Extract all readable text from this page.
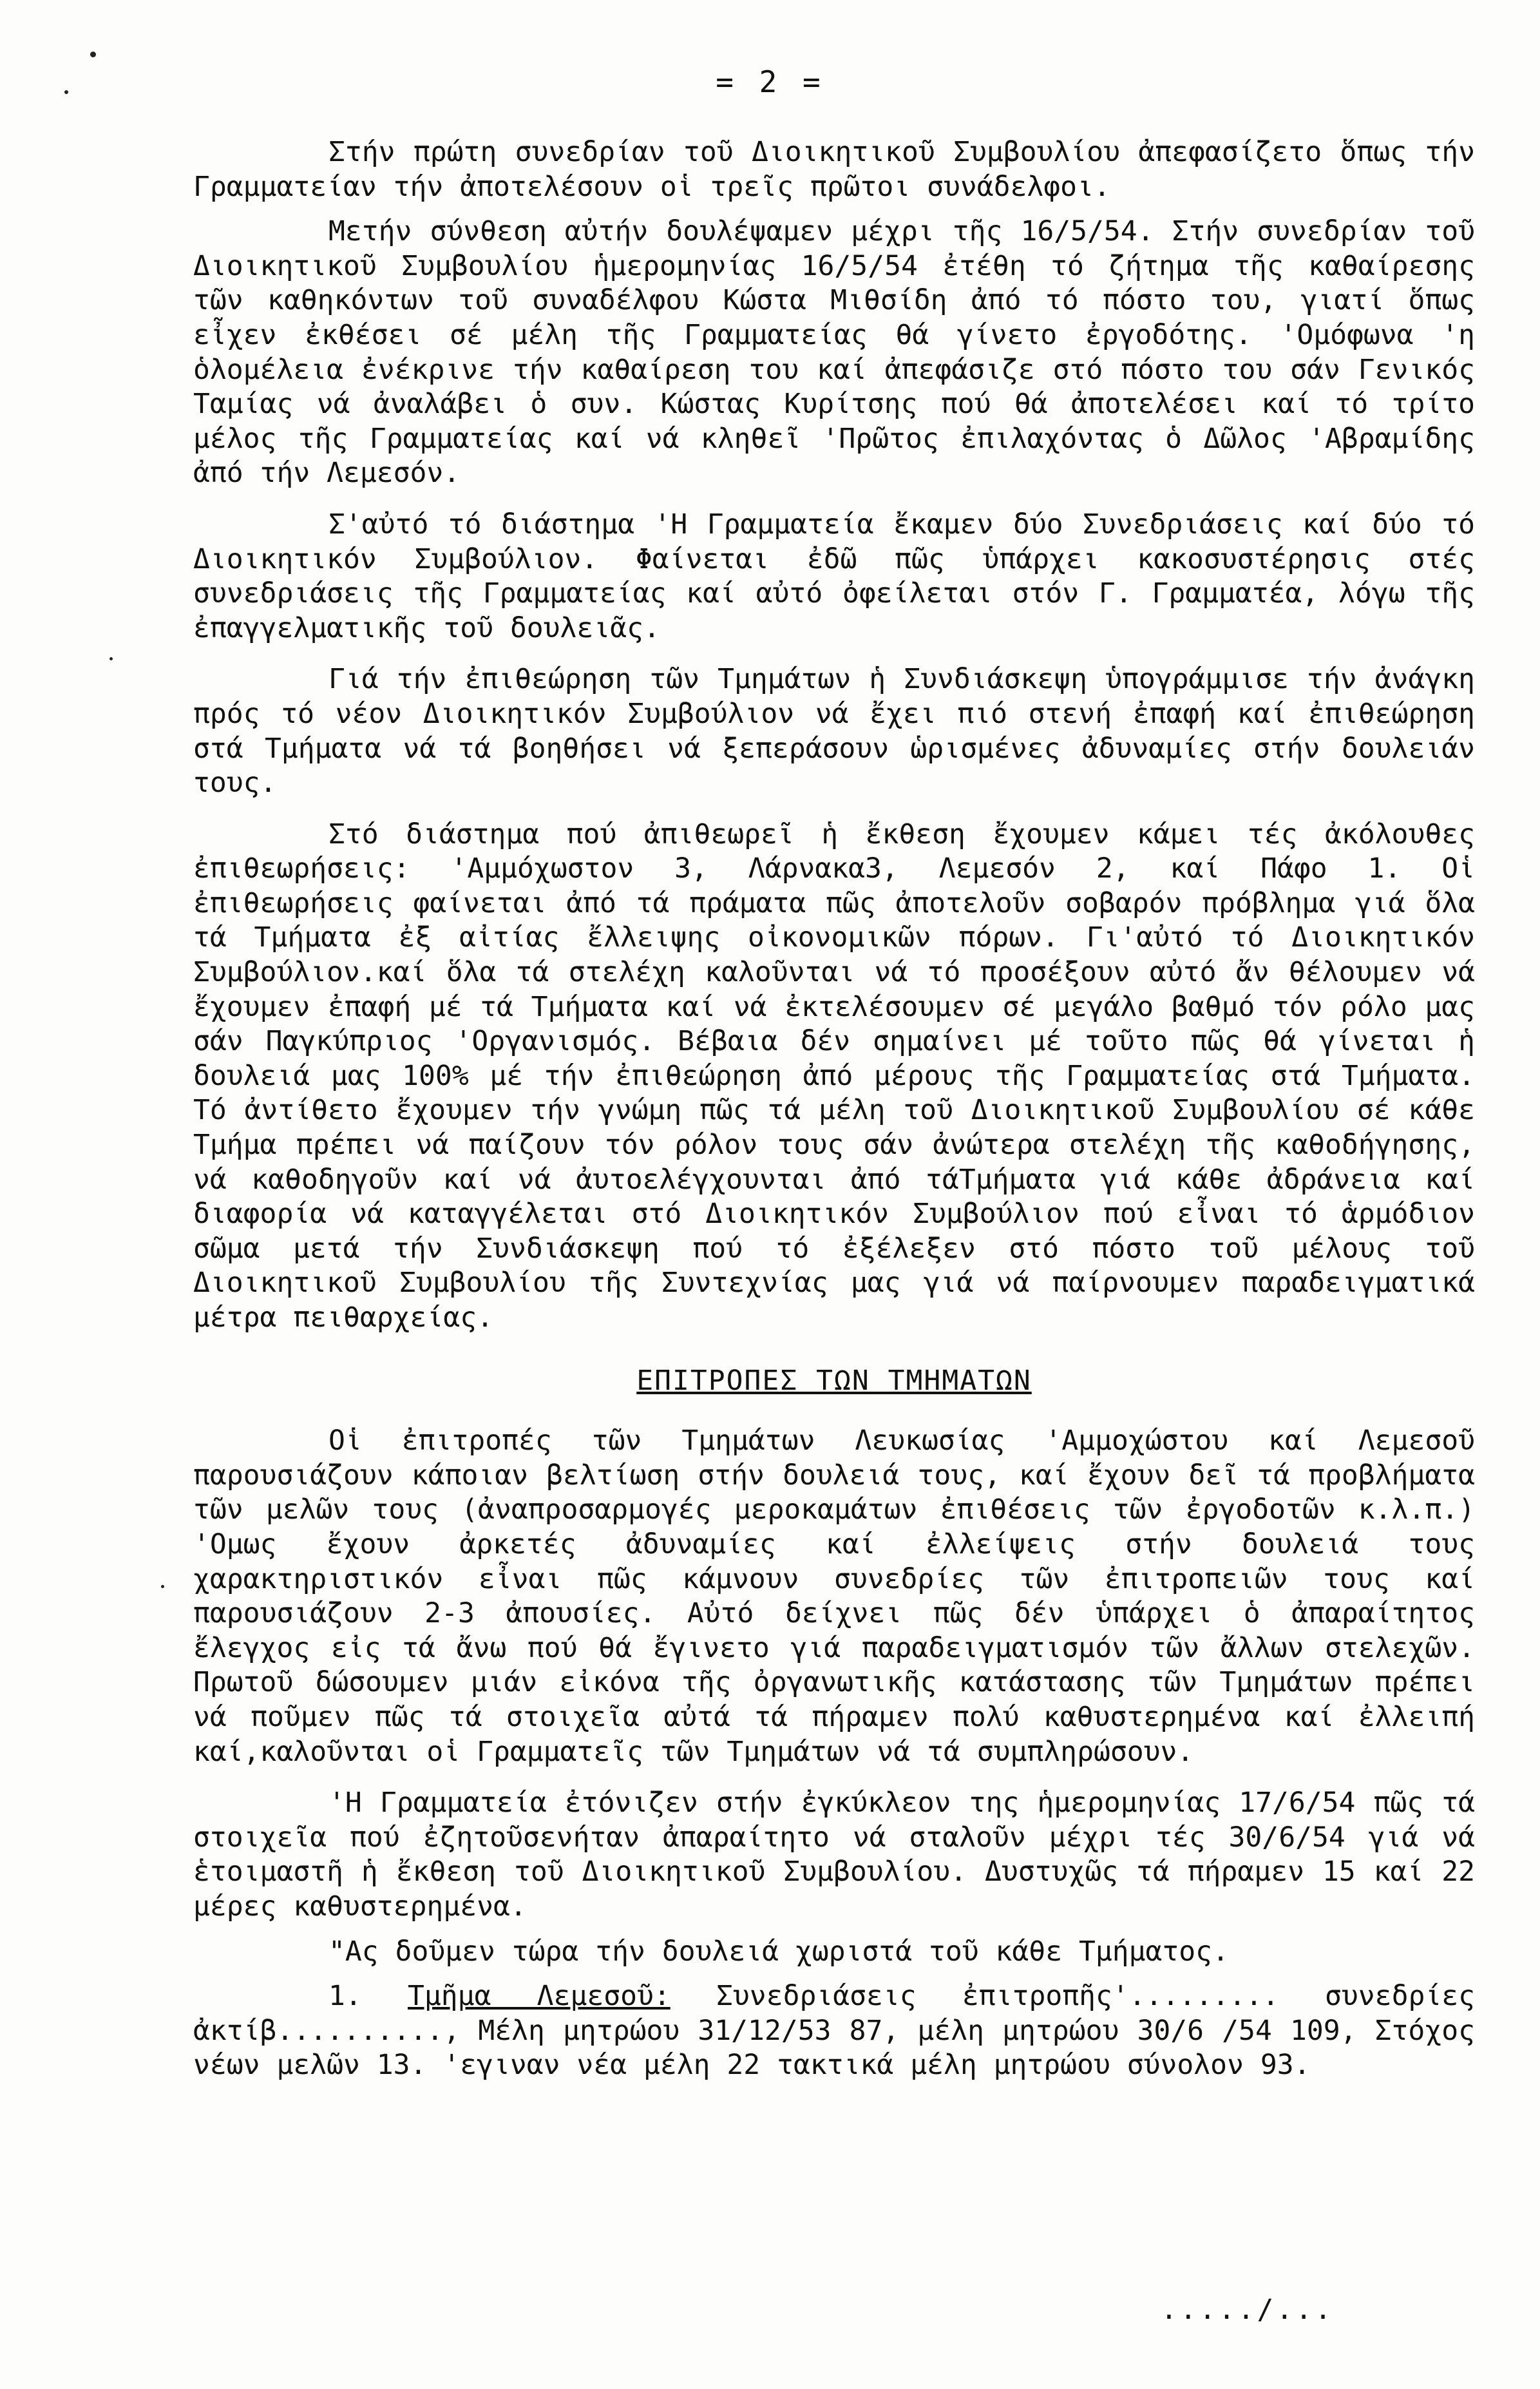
= 2 =

Στήν πρώτη συνεδρίαν τοῦ Διοικητικοῦ Συμβουλίου ἀπεφασίζετο ὅπως τήν Γραμματείαν τήν ἀποτελέσουν οἱ τρεῖς πρῶτοι συνάδελφοι.

Μετήν σύνθεση αὐτήν δουλέψαμεν μέχρι τῆς 16/5/54. Στήν συνεδρίαν τοῦ Διοικητικοῦ Συμβουλίου ἡμερομηνίας 16/5/54 ἐτέθη τό ζήτημα τῆς καθαίρεσης τῶν καθηκόντων τοῦ συναδέλφου Κώστα Μιθσίδη ἀπό τό πόστο του, γιατί ὅπως εἶχεν ἐκθέσει σέ μέλη τῆς Γραμματείας θά γίνετο ἐργοδότης. 'Ομόφωνα 'η ὁλομέλεια ἐνέκρινε τήν καθαίρεση του καί ἀπεφάσιζε στό πόστο του σάν Γενικός Ταμίας νά ἀναλάβει ὁ συν. Κώστας Κυρίτσης πού θά ἀποτελέσει καί τό τρίτο μέλος τῆς Γραμματείας καί νά κληθεῖ 'Πρῶτος ἐπιλαχόντας ὁ Δῶλος 'Αβραμίδης ἀπό τήν Λεμεσόν.

Σ'αὐτό τό διάστημα 'Η Γραμματεία ἔκαμεν δύο Συνεδριάσεις καί δύο τό Διοικητικόν Συμβούλιον. Φαίνεται ἐδῶ πῶς ὑπάρχει κακοσυστέρησις στές συνεδριάσεις τῆς Γραμματείας καί αὐτό ὀφείλεται στόν Γ. Γραμματέα, λόγω τῆς ἐπαγγελματικῆς τοῦ δουλειᾶς.

Γιά τήν ἐπιθεώρηση τῶν Τμημάτων ἡ Συνδιάσκεψη ὑπογράμμισε τήν ἀνάγκη πρός τό νέον Διοικητικόν Συμβούλιον νά ἔχει πιό στενή ἐπαφή καί ἐπιθεώρηση στά Τμήματα νά τά βοηθήσει νά ξεπεράσουν ὡρισμένες ἀδυναμίες στήν δουλειάν τους.

Στό διάστημα πού ἀπιθεωρεῖ ἡ ἔκθεση ἔχουμεν κάμει τές ἀκόλουθες ἐπιθεωρήσεις: 'Αμμόχωστον 3, Λάρνακα3, Λεμεσόν 2, καί Πάφο 1. Οἱ ἐπιθεωρήσεις φαίνεται ἀπό τά πράματα πῶς ἀποτελοῦν σοβαρόν πρόβλημα γιά ὅλα τά Τμήματα ἐξ αἰτίας ἔλλειψης οἰκονομικῶν πόρων. Γι'αὐτό τό Διοικητικόν Συμβούλιον.καί ὅλα τά στελέχη καλοῦνται νά τό προσέξουν αὐτό ἄν θέλουμεν νά ἔχουμεν ἐπαφή μέ τά Τμήματα καί νά ἐκτελέσουμεν σέ μεγάλο βαθμό τόν ρόλο μας σάν Παγκύπριος 'Οργανισμός. Βέβαια δέν σημαίνει μέ τοῦτο πῶς θά γίνεται ἡ δουλειά μας 100% μέ τήν ἐπιθεώρηση ἀπό μέρους τῆς Γραμματείας στά Τμήματα. Τό ἀντίθετο ἔχουμεν τήν γνώμη πῶς τά μέλη τοῦ Διοικητικοῦ Συμβουλίου σέ κάθε Τμήμα πρέπει νά παίζουν τόν ρόλον τους σάν ἀνώτερα στελέχη τῆς καθοδήγησης, νά καθοδηγοῦν καί νά ἀυτοελέγχουνται ἀπό τάΤμήματα γιά κάθε ἀδράνεια καί διαφορία νά καταγγέλεται στό Διοικητικόν Συμβούλιον πού εἶναι τό ἁρμόδιον σῶμα μετά τήν Συνδιάσκεψη πού τό ἐξέλεξεν στό πόστο τοῦ μέλους τοῦ Διοικητικοῦ Συμβουλίου τῆς Συντεχνίας μας γιά νά παίρνουμεν παραδειγματικά μέτρα πειθαρχείας.

ΕΠΙΤΡΟΠΕΣ ΤΩΝ ΤΜΗΜΑΤΩΝ

Οἱ ἐπιτροπές τῶν Τμημάτων Λευκωσίας 'Αμμοχώστου καί Λεμεσοῦ παρουσιάζουν κάποιαν βελτίωση στήν δουλειά τους, καί ἔχουν δεῖ τά προβλήματα τῶν μελῶν τους (ἀναπροσαρμογές μεροκαμάτων ἐπιθέσεις τῶν ἐργοδοτῶν κ.λ.π.) 'Ομως ἔχουν ἀρκετές ἀδυναμίες καί ἐλλείψεις στήν δουλειά τους χαρακτηριστικόν εἶναι πῶς κάμνουν συνεδρίες τῶν ἐπιτροπειῶν τους καί παρουσιάζουν 2-3 ἀπουσίες. Αὐτό δείχνει πῶς δέν ὑπάρχει ὁ ἀπαραίτητος ἔλεγχος εἰς τά ἄνω πού θά ἔγινετο γιά παραδειγματισμόν τῶν ἄλλων στελεχῶν. Πρωτοῦ δώσουμεν μιάν εἰκόνα τῆς ὀργανωτικῆς κατάστασης τῶν Τμημάτων πρέπει νά ποῦμεν πῶς τά στοιχεῖα αὐτά τά πήραμεν πολύ καθυστερημένα καί ἐλλειπή καί,καλοῦνται οἱ Γραμματεῖς τῶν Τμημάτων νά τά συμπληρώσουν.

'Η Γραμματεία ἐτόνιζεν στήν ἐγκύκλεον της ἡμερομηνίας 17/6/54 πῶς τά στοιχεῖα πού ἐζητοῦσενήταν ἀπαραίτητο νά σταλοῦν μέχρι τές 30/6/54 γιά νά ἑτοιμαστῆ ἡ ἔκθεση τοῦ Διοικητικοῦ Συμβουλίου. Δυστυχῶς τά πήραμεν 15 καί 22 μέρες καθυστερημένα.

"Ας δοῦμεν τώρα τήν δουλειά χωριστά τοῦ κάθε Τμήματος.

1. Τμῆμα Λεμεσοῦ: Συνεδριάσεις ἐπιτροπῆς'......... συνεδρίες ἀκτίβ.........., Μέλη μητρώου 31/12/53 87, μέλη μητρώου 30/6 /54 109, Στόχος νέων μελῶν 13. 'εγιναν νέα μέλη 22 τακτικά μέλη μητρώου σύνολον 93.

...../...
